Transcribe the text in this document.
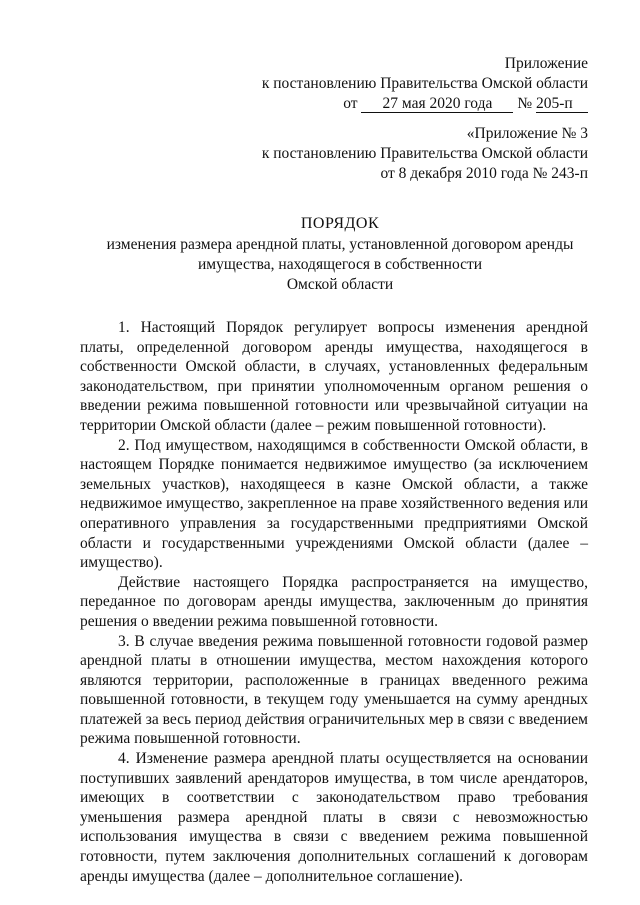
Приложение
к постановлению Правительства Омской области
от 27 мая 2020 года № 205-п
«Приложение № 3
к постановлению Правительства Омской области
от 8 декабря 2010 года № 243-п
ПОРЯДОК
изменения размера арендной платы, установленной договором аренды
имущества, находящегося в собственности
Омской области

1. Настоящий Порядок регулирует вопросы изменения арендной платы, определенной договором аренды имущества, находящегося в собственности Омской области, в случаях, установленных федеральным законодательством, при принятии уполномоченным органом решения о введении режима повышенной готовности или чрезвычайной ситуации на территории Омской области (далее – режим повышенной готовности).

2. Под имуществом, находящимся в собственности Омской области, в настоящем Порядке понимается недвижимое имущество (за исключением земельных участков), находящееся в казне Омской области, а также недвижимое имущество, закрепленное на праве хозяйственного ведения или оперативного управления за государственными предприятиями Омской области и государственными учреждениями Омской области (далее – имущество).

Действие настоящего Порядка распространяется на имущество, переданное по договорам аренды имущества, заключенным до принятия решения о введении режима повышенной готовности.

3. В случае введения режима повышенной готовности годовой размер арендной платы в отношении имущества, местом нахождения которого являются территории, расположенные в границах введенного режима повышенной готовности, в текущем году уменьшается на сумму арендных платежей за весь период действия ограничительных мер в связи с введением режима повышенной готовности.

4. Изменение размера арендной платы осуществляется на основании поступивших заявлений арендаторов имущества, в том числе арендаторов, имеющих в соответствии с законодательством право требования уменьшения размера арендной платы в связи с невозможностью использования имущества в связи с введением режима повышенной готовности, путем заключения дополнительных соглашений к договорам аренды имущества (далее – дополнительное соглашение).
